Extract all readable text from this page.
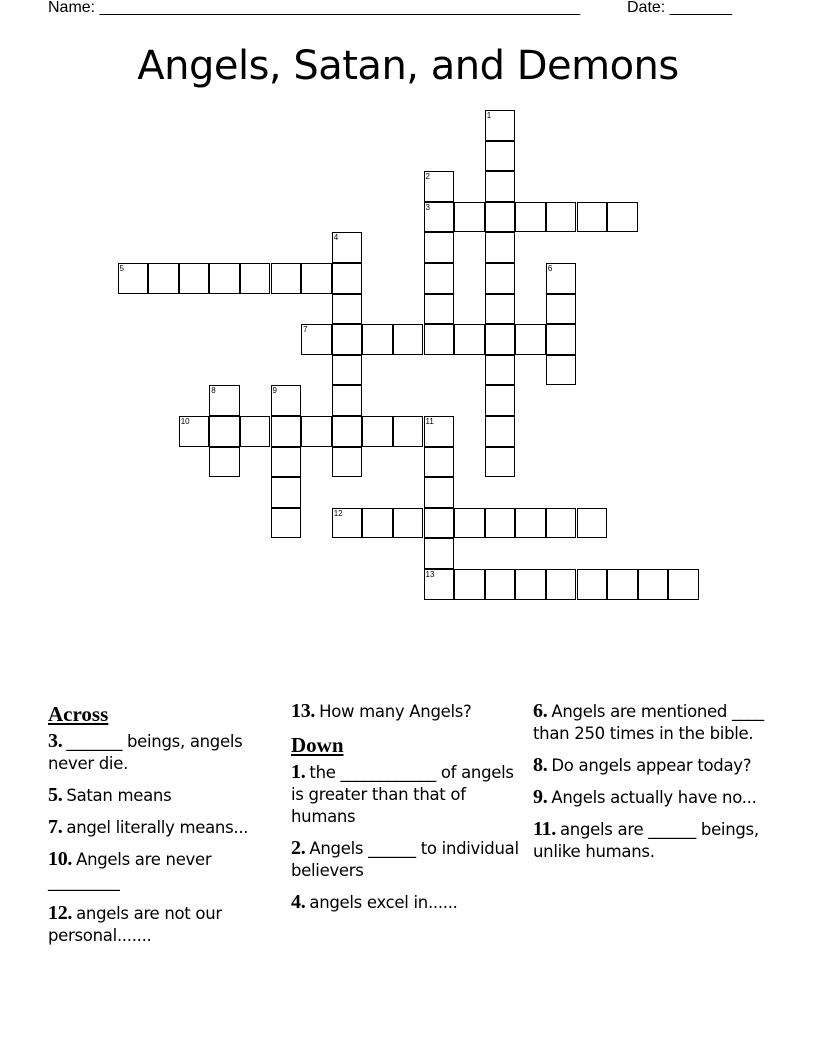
Name: ______________________________________________________	Date: _______
Angels, Satan, and Demons
1
2
3
4
5	6
7
8	9
10	11
13
12
Across
3. _______ beings, angels never die.
5. Satan means
7. angel literally means...
10. Angels are never _________
12. angels are not our personal.......
13. How many Angels?
Down
1. the ____________ of angels is greater than that of humans
2. Angels ______ to individual believers
4. angels excel in......
6. Angels are mentioned ____ than 250 times in the bible.
8. Do angels appear today?
9. Angels actually have no...
11. angels are ______ beings, unlike humans.
